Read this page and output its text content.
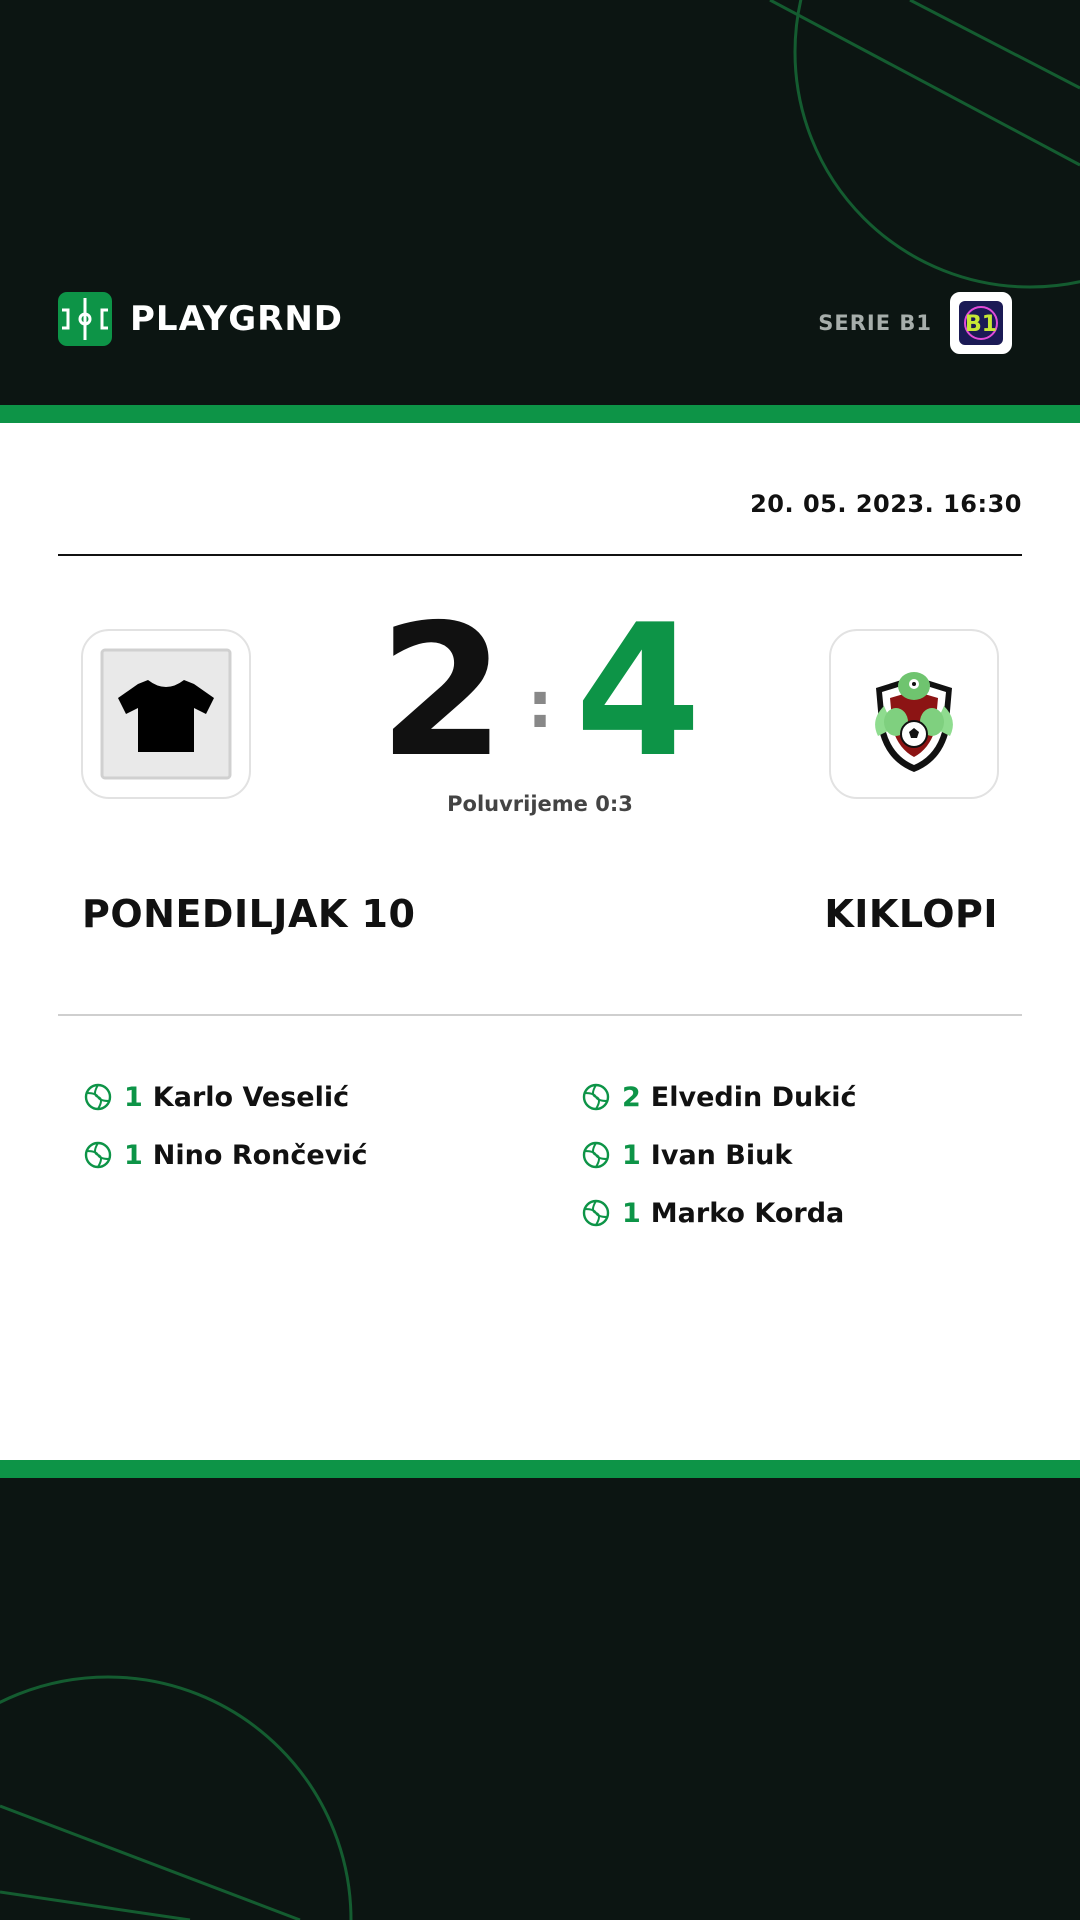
PLAYGRND	SERIE B1 B1
20. 05. 2023. 16:30
2 : 4
Poluvrijeme 0:3
PONEDILJAK 10	KIKLOPI
1 Karlo Veselić
1 Nino Rončević
2 Elvedin Dukić
1 Ivan Biuk
1 Marko Korda
